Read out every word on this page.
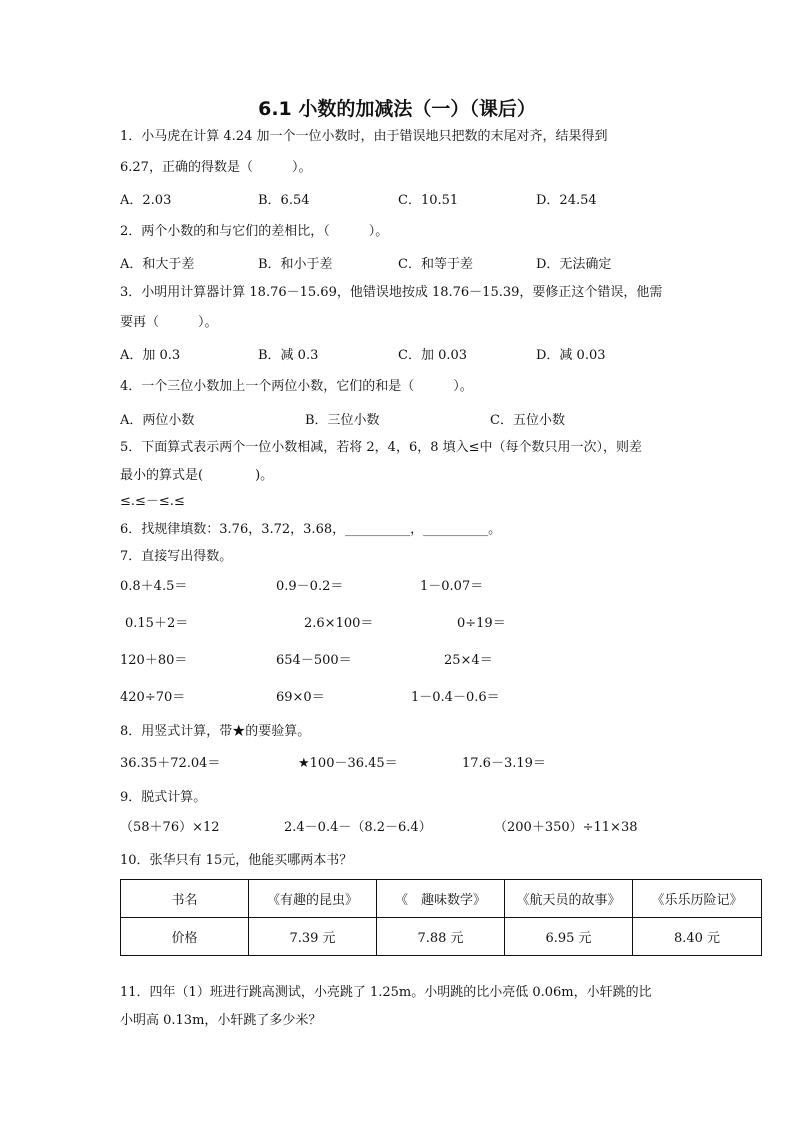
6.1 小数的加减法（一）（课后）
1．小马虎在计算 4.24 加一个一位小数时，由于错误地只把数的末尾对齐，结果得到
6.27，正确的得数是（　　　）。
A．2.03	B．6.54	C．10.51	D．24.54
2．两个小数的和与它们的差相比，（　　　）。
A．和大于差	B．和小于差	C．和等于差	D．无法确定
3．小明用计算器计算 18.76－15.69，他错误地按成 18.76－15.39，要修正这个错误，他需
要再（　　　）。
A．加 0.3	B．减 0.3	C．加 0.03	D．减 0.03
4．一个三位小数加上一个两位小数，它们的和是（　　　）。
A．两位小数	B．三位小数	C．五位小数
5．下面算式表示两个一位小数相减，若将 2，4，6，8 填入≤中（每个数只用一次），则差
最小的算式是(　　　　)。
≤.≤－≤.≤
6．找规律填数：3.76，3.72，3.68，__________，__________。
7．直接写出得数。
0.8＋4.5＝	0.9－0.2＝	1－0.07＝
0.15＋2＝	2.6×100＝	0÷19＝
120＋80＝	654－500＝	25×4＝
420÷70＝	69×0＝	1－0.4－0.6＝
8．用竖式计算，带★的要验算。
36.35＋72.04＝	★100－36.45＝	17.6－3.19＝
9．脱式计算。
（58＋76）×12	2.4－0.4－（8.2－6.4）	（200＋350）÷11×38
10．张华只有 15元，他能买哪两本书？
书名	《有趣的昆虫》	《　趣味数学》	《航天员的故事》	《乐乐历险记》
价格	7.39 元	7.88 元	6.95 元	8.40 元
11．四年（1）班进行跳高测试，小亮跳了 1.25m。小明跳的比小亮低 0.06m，小轩跳的比
小明高 0.13m，小轩跳了多少米？
